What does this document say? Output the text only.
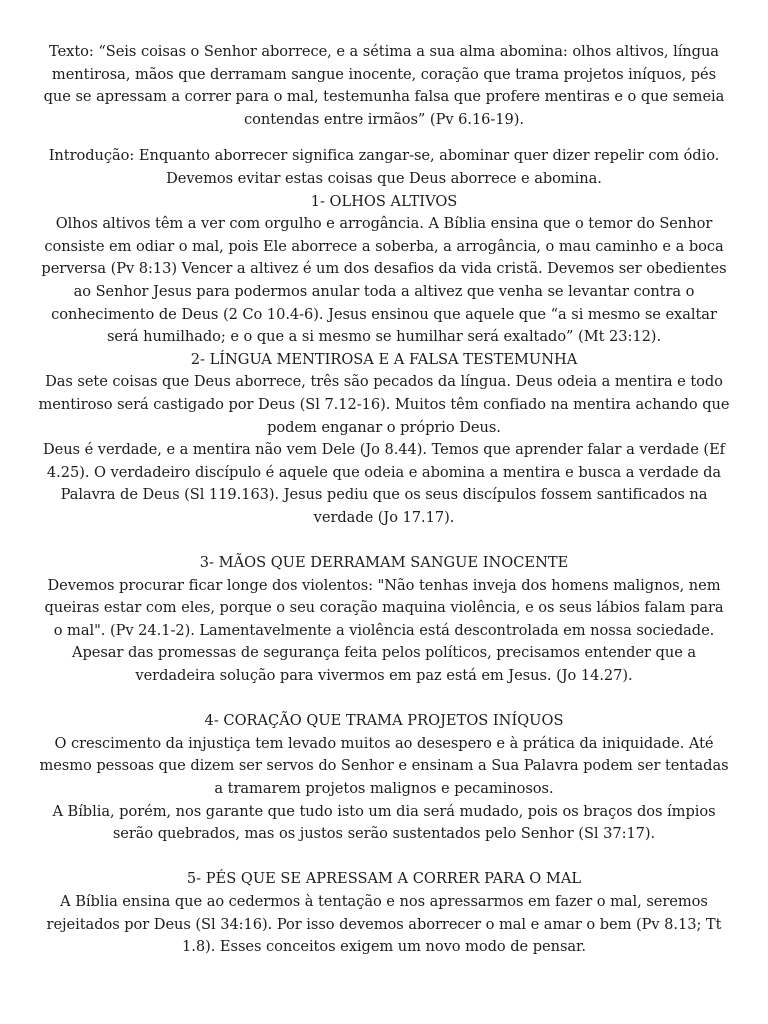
Texto: “Seis coisas o Senhor aborrece, e a sétima a sua alma abomina: olhos altivos, língua mentirosa, mãos que derramam sangue inocente, coração que trama projetos iníquos, pés que se apressam a correr para o mal, testemunha falsa que profere mentiras e o que semeia contendas entre irmãos” (Pv 6.16-19).

Introdução: Enquanto aborrecer significa zangar-se, abominar quer dizer repelir com ódio. Devemos evitar estas coisas que Deus aborrece e abomina.

1- OLHOS ALTIVOS

Olhos altivos têm a ver com orgulho e arrogância. A Bíblia ensina que o temor do Senhor consiste em odiar o mal, pois Ele aborrece a soberba, a arrogância, o mau caminho e a boca perversa (Pv 8:13) Vencer a altivez é um dos desafios da vida cristã. Devemos ser obedientes ao Senhor Jesus para podermos anular toda a altivez que venha se levantar contra o conhecimento de Deus (2 Co 10.4-6). Jesus ensinou que aquele que “a si mesmo se exaltar será humilhado; e o que a si mesmo se humilhar será exaltado” (Mt 23:12).

2- LÍNGUA MENTIROSA E A FALSA TESTEMUNHA

Das sete coisas que Deus aborrece, três são pecados da língua. Deus odeia a mentira e todo mentiroso será castigado por Deus (Sl 7.12-16). Muitos têm confiado na mentira achando que podem enganar o próprio Deus.

Deus é verdade, e a mentira não vem Dele (Jo 8.44). Temos que aprender falar a verdade (Ef 4.25). O verdadeiro discípulo é aquele que odeia e abomina a mentira e busca a verdade da Palavra de Deus (Sl 119.163). Jesus pediu que os seus discípulos fossem santificados na verdade (Jo 17.17).

3- MÃOS QUE DERRAMAM SANGUE INOCENTE

Devemos procurar ficar longe dos violentos: "Não tenhas inveja dos homens malignos, nem queiras estar com eles, porque o seu coração maquina violência, e os seus lábios falam para o mal". (Pv 24.1-2). Lamentavelmente a violência está descontrolada em nossa sociedade. Apesar das promessas de segurança feita pelos políticos, precisamos entender que a verdadeira solução para vivermos em paz está em Jesus. (Jo 14.27).

4- CORAÇÃO QUE TRAMA PROJETOS INÍQUOS

O crescimento da injustiça tem levado muitos ao desespero e à prática da iniquidade. Até mesmo pessoas que dizem ser servos do Senhor e ensinam a Sua Palavra podem ser tentadas a tramarem projetos malignos e pecaminosos.

A Bíblia, porém, nos garante que tudo isto um dia será mudado, pois os braços dos ímpios serão quebrados, mas os justos serão sustentados pelo Senhor (Sl 37:17).

5- PÉS QUE SE APRESSAM A CORRER PARA O MAL

A Bíblia ensina que ao cedermos à tentação e nos apressarmos em fazer o mal, seremos rejeitados por Deus (Sl 34:16). Por isso devemos aborrecer o mal e amar o bem (Pv 8.13; Tt 1.8). Esses conceitos exigem um novo modo de pensar.
